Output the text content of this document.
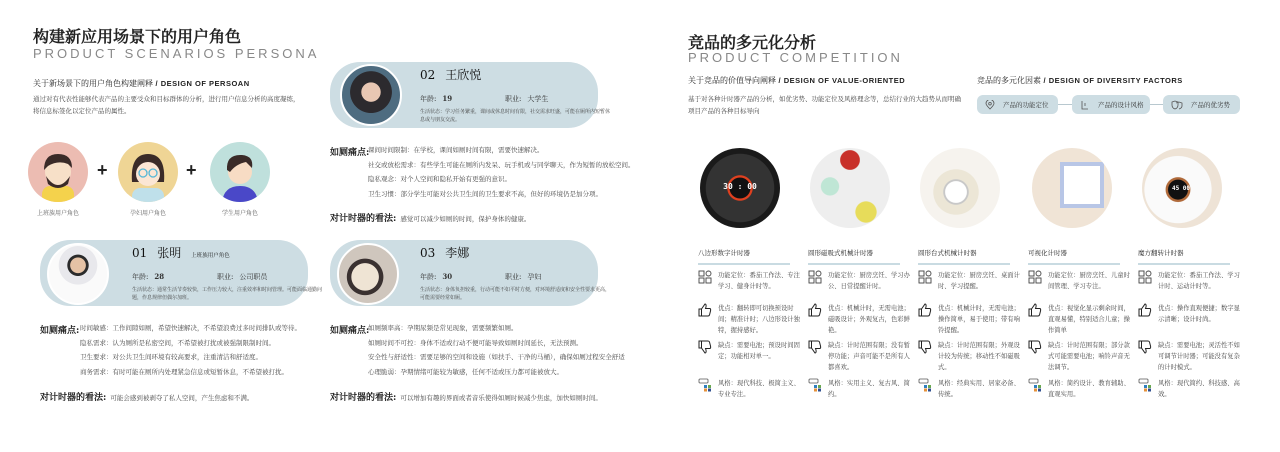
构建新应用场景下的用户角色
PRODUCT SCENARIOS PERSONA
关于新场景下的用户角色构建阐释 / DESIGN OF PERSOAN
通过对有代表性能够代表产品的主要受众和目标群体的分析，进行用户信息分析的高度凝练，将信息标签化以定位产品的属性。
上班族用户角色
+
孕妇用户角色
+
学生用户角色
02 王欣悦
年龄: 19	职业: 大学生
生活状态：学习任务繁重，课间或休息时间有限，社交需求旺盛，可能在厕所内短暂休息或与朋友交流。
如厕痛点:
课间时间限制：在学校，课间如厕时间有限，需要快速解决。
社交或放松需求：有些学生可能在厕所内发呆、玩手机或与同学聊天，作为短暂的放松空间。
隐私观念：对个人空间和隐私开始有更强的意识。
卫生习惯：部分学生可能对公共卫生间的卫生要求不高，但好的环境仍是加分项。
对计时器的看法: 感觉可以减少如厕的时间，保护身体的健康。
01 张明 上班族用户角色
年龄: 28	职业: 公司职员
生活状态：通常生活节奏较快，工作压力较大，注重效率和时间管理。可能面临通勤问题，作息规律但偶尔加班。
如厕痛点: 时间敏感：工作间隙如厕，希望快速解决，不希望浪费过多时间排队或等待。
隐私需求：认为厕所是私密空间，不希望被打扰或被强制限制时间。
卫生要求：对公共卫生间环境有较高要求，注重清洁和舒适度。
商务需求：有时可能在厕所内处理紧急信息或短暂休息，不希望被打扰。
对计时器的看法: 可能会感到被剥夺了私人空间，产生焦虑和不满。
03 李娜
年龄: 30	职业: 孕妇
生活状态：身体负担较重，行动可能不如平时方便，对环境舒适度和安全性要求更高，可能需要经常如厕。
如厕痛点:
如厕频率高：孕期尿频是常见现象，需要频繁如厕。
如厕时间不可控：身体不适或行动不便可能导致如厕时间延长，无法预测。
安全性与舒适性：需要足够的空间和设施（如扶手、干净的马桶），确保如厕过程安全舒适
心理脆弱：孕期情绪可能较为敏感，任何不适或压力都可能被放大。
对计时器的看法: 可以增加有趣的界面或者音乐使得如厕时候减少焦虑，加快如厕时间。
竞品的多元化分析
PRODUCT COMPETITION
关于竞品的价值导向阐释 / DESIGN OF VALUE-ORIENTED
基于对各种计时器产品的分析，如优劣势、功能定位及风格理念等，总结行业的大趋势从而明确项目产品的各种目标导向
竞品的多元化因素 / DESIGN OF DIVERSITY FACTORS
产品的功能定位	产品的设计风格	产品的优劣势
30 : 00	45 00
八边形数字计时器
功能定位：番茄工作法、专注学习、健身计时等。
优点：翻转即可切换预设时间；精准计时；八边形设计独特，握持感好。
缺点：需要电池；预设时间固定；功能相对单一。
风格：现代科技、极简主义、专业专注。
圆形磁吸式机械计时器
功能定位：厨房烹饪、学习办公、日常提醒计时。
优点：机械计时，无需电池；磁吸设计；外观复古，色彩鲜艳。
缺点：计时范围有限；没有暂停功能；声音可能不是所有人都喜欢。
风格：实用主义、复古风、简约。
圆形台式机械计时器
功能定位：厨房烹饪、桌面计时、学习提醒。
优点：机械计时，无需电池；操作简单，易于使用；带有响铃提醒。
缺点：计时范围有限；外观设计较为传统；移动性不如磁吸式。
风格：经典实用、居家必备、传统。
可视化计时器
功能定位：厨房烹饪、儿童时间管理、学习专注。
优点：视觉化显示剩余时间，直观易懂，特别适合儿童；操作简单
缺点：计时范围有限；部分款式可能需要电池；响铃声音无法调节。
风格：简约设计、教育辅助、直观实用。
魔方翻转计时器
功能定位：番茄工作法、学习计时、运动计时等。
优点：操作直观便捷；数字显示清晰；设计时尚。
缺点：需要电池；灵活性不如可调节计时器；可能没有复杂的计时模式。
风格：现代简约、科技感、高效。
